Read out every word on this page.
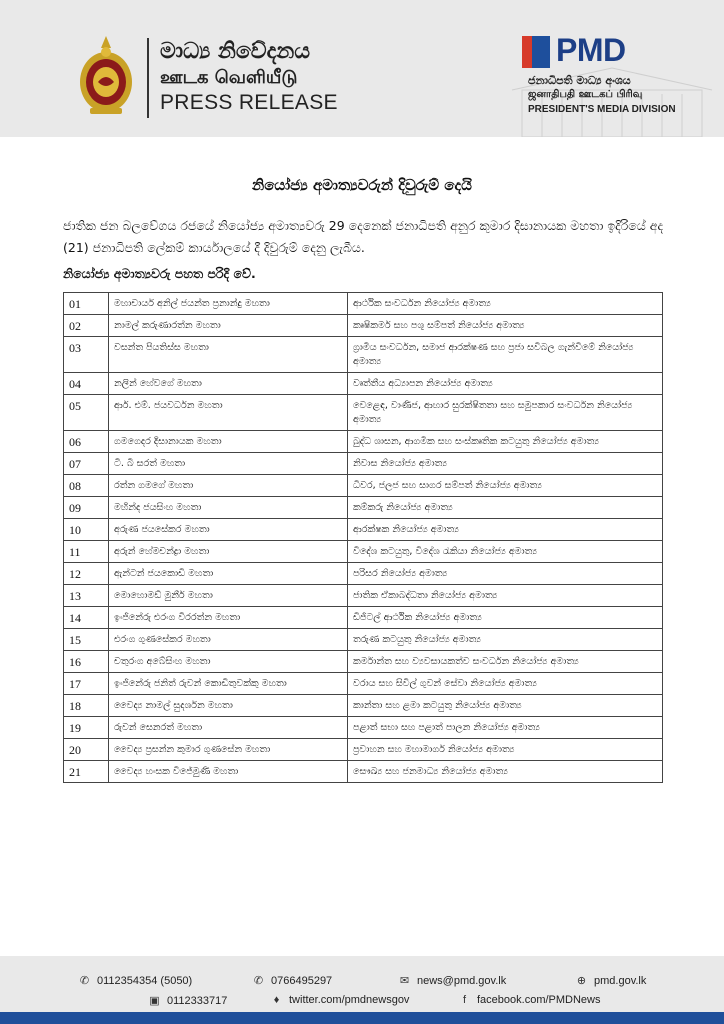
මාධ්‍ය නිවේදනය
ஊடக வெளியீடு
PRESS RELEASE
PMD
ජනාධිපති මාධ්‍ය අංශය
ஜனாதிபதி ஊடகப் பிரிவு
PRESIDENT'S MEDIA DIVISION
නියෝජ්‍ය අමාත්‍යවරුන් දිවුරුම් දෙයි
ජාතික ජන බලවේගය රජයේ නියෝජ්‍ය අමාත්‍යවරු 29 දෙනෙක් ජනාධිපති අනුර කුමාර දිසානායක මහතා ඉදිරියේ අද (21) ජනාධිපති ලේකම් කාර්යාලයේ දී දිවුරුම් දෙනු ලැබීය.
නියෝජ්‍ය අමාත්‍යවරු පහත පරිදි වේ.
01	මහාචාර්ය අනිල් ජයන්ත ප්‍රනාන්දු මහතා	ආර්ථික සංවර්ධන නියෝජ්‍ය අමාත්‍ය
02	නාමල් කරුණාරත්න මහතා	කෘෂිකර්ම සහ පශු සම්පත් නියෝජ්‍ය අමාත්‍ය
03	වසන්ත පියතිස්ස මහතා	ග්‍රාමීය සංවර්ධන, සමාජ ආරක්ෂණ සහ ප්‍රජා සවිබල ගැන්වීමේ නියෝජ්‍ය අමාත්‍ය
04	නලින් හේවගේ මහතා	වෘත්තීය අධ්‍යාපන නියෝජ්‍ය අමාත්‍ය
05	ආර්. එම්. ජයවර්ධන මහතා	වෙළෙඳ, වාණිජ, ආහාර සුරක්ෂිතතා සහ සමුපකාර සංවර්ධන නියෝජ්‍ය අමාත්‍ය
06	ගමගෙදර දිසානායක මහතා	බුද්ධ ශාසන, ආගමික සහ සංස්කෘතික කටයුතු නියෝජ්‍ය අමාත්‍ය
07	ටී. බී සරත් මහතා	නිවාස නියෝජ්‍ය අමාත්‍ය
08	රත්න ගමගේ මහතා	ධීවර, ජලජ සහ සාගර සම්පත් නියෝජ්‍ය අමාත්‍ය
09	මහින්ද ජයසිංහ මහතා	කම්කරු නියෝජ්‍ය අමාත්‍ය
10	අරුණ ජයසේකර මහතා	ආරක්ෂක නියෝජ්‍ය අමාත්‍ය
11	අරුන් හේමචන්ද්‍රා මහතා	විදේශ කටයුතු, විදේශ රැකියා නියෝජ්‍ය අමාත්‍ය
12	ඇන්ටන් ජයකොඩි මහතා	පරිසර නියෝජ්‍ය අමාත්‍ය
13	මොහොමඩ් මුනීර් මහතා	ජාතික ඒකාබද්ධතා නියෝජ්‍ය අමාත්‍ය
14	ඉංජිනේරු එරංග වීරරත්න මහතා	ඩිජිටල් ආර්ථික නියෝජ්‍ය අමාත්‍ය
15	එරංග ගුණසේකර මහතා	තරුණ කටයුතු නියෝජ්‍ය අමාත්‍ය
16	චතුරංග අබේසිංහ මහතා	කර්මාන්ත සහ ව්‍යවසායකත්ව සංවර්ධන නියෝජ්‍ය අමාත්‍ය
17	ඉංජිනේරු ජනිත් රුවන් කොඩිතුවක්කු මහතා	වරාය සහ සිවිල් ගුවන් සේවා නියෝජ්‍ය අමාත්‍ය
18	වෛද්‍ය නාමල් සුදර්ශන මහතා	කාන්තා සහ ළමා කටයුතු නියෝජ්‍ය අමාත්‍ය
19	රුවන් සෙනරත් මහතා	පළාත් සභා සහ පළාත් පාලන නියෝජ්‍ය අමාත්‍ය
20	වෛද්‍ය ප්‍රසන්න කුමාර ගුණසේන මහතා	ප්‍රවාහන සහ මහාමාර්ග නියෝජ්‍ය අමාත්‍ය
21	වෛද්‍ය හංසක විජේමුණි මහතා	සෞඛ්‍ය සහ ජනමාධ්‍ය නියෝජ්‍ය අමාත්‍ය
✆ 0112354354 (5050)	✆ 0766495297	✉ news@pmd.gov.lk	⊕ pmd.gov.lk
▣ 0112333717	♦ twitter.com/pmdnewsgov	f facebook.com/PMDNews
